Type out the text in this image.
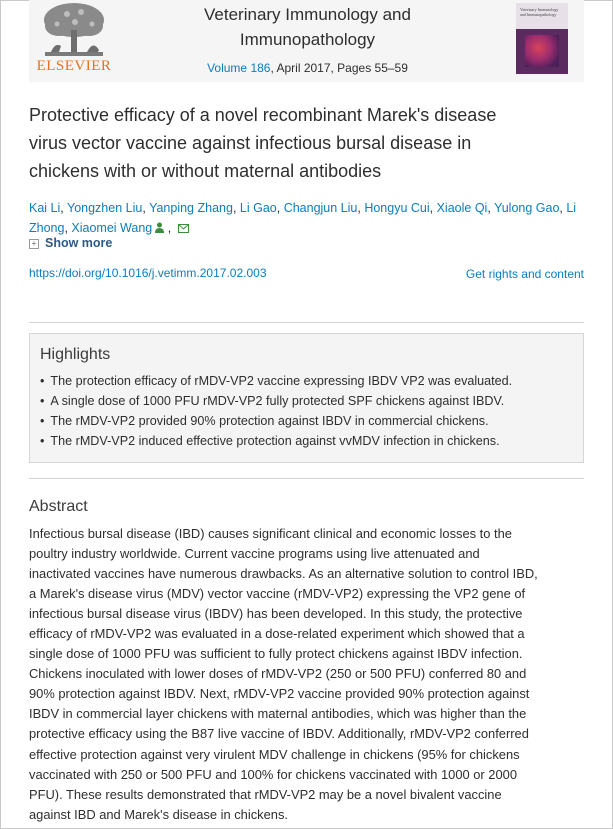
ELSEVIER
Veterinary Immunology and
Immunopathology
Volume 186, April 2017, Pages 55–59
Veterinary Immunology and Immunopathology
Protective efficacy of a novel recombinant Marek's disease
virus vector vaccine against infectious bursal disease in
chickens with or without maternal antibodies
Kai Li, Yongzhen Liu, Yanping Zhang, Li Gao, Changjun Liu, Hongyu Cui, Xiaole Qi, Yulong Gao, Li Zhong, Xiaomei Wang ,
+ Show more
https://doi.org/10.1016/j.vetimm.2017.02.003	Get rights and content
Highlights
• The protection efficacy of rMDV-VP2 vaccine expressing IBDV VP2 was evaluated.
• A single dose of 1000 PFU rMDV-VP2 fully protected SPF chickens against IBDV.
• The rMDV-VP2 provided 90% protection against IBDV in commercial chickens.
• The rMDV-VP2 induced effective protection against vvMDV infection in chickens.
Abstract
Infectious bursal disease (IBD) causes significant clinical and economic losses to the
poultry industry worldwide. Current vaccine programs using live attenuated and
inactivated vaccines have numerous drawbacks. As an alternative solution to control IBD,
a Marek's disease virus (MDV) vector vaccine (rMDV-VP2) expressing the VP2 gene of
infectious bursal disease virus (IBDV) has been developed. In this study, the protective
efficacy of rMDV-VP2 was evaluated in a dose-related experiment which showed that a
single dose of 1000 PFU was sufficient to fully protect chickens against IBDV infection.
Chickens inoculated with lower doses of rMDV-VP2 (250 or 500 PFU) conferred 80 and
90% protection against IBDV. Next, rMDV-VP2 vaccine provided 90% protection against
IBDV in commercial layer chickens with maternal antibodies, which was higher than the
protective efficacy using the B87 live vaccine of IBDV. Additionally, rMDV-VP2 conferred
effective protection against very virulent MDV challenge in chickens (95% for chickens
vaccinated with 250 or 500 PFU and 100% for chickens vaccinated with 1000 or 2000
PFU). These results demonstrated that rMDV-VP2 may be a novel bivalent vaccine
against IBD and Marek's disease in chickens.
